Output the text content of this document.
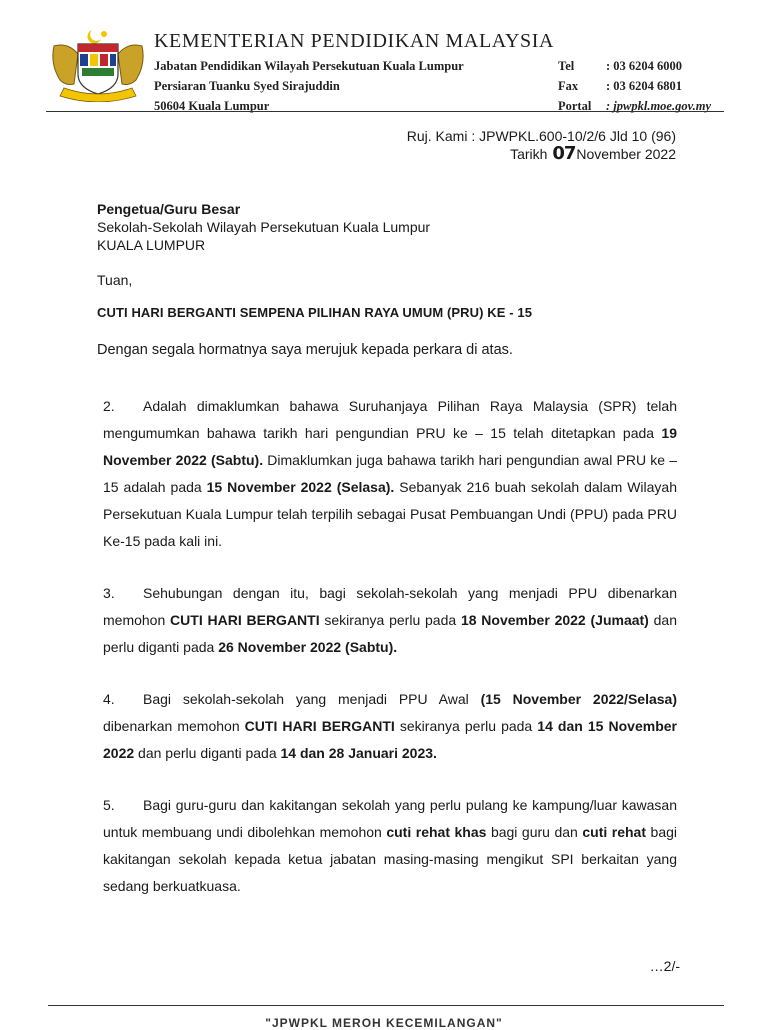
KEMENTERIAN PENDIDIKAN MALAYSIA
Jabatan Pendidikan Wilayah Persekutuan Kuala Lumpur
Persiaran Tuanku Syed Sirajuddin
50604 Kuala Lumpur
Tel	: 03 6204 6000
Fax	: 03 6204 6801
Portal	: jpwpkl.moe.gov.my
Ruj. Kami : JPWPKL.600-10/2/6 Jld 10 (96)
Tarikh 07November 2022
Pengetua/Guru Besar
Sekolah-Sekolah Wilayah Persekutuan Kuala Lumpur
KUALA LUMPUR
Tuan,
CUTI HARI BERGANTI SEMPENA PILIHAN RAYA UMUM (PRU) KE - 15
Dengan segala hormatnya saya merujuk kepada perkara di atas.
2. Adalah dimaklumkan bahawa Suruhanjaya Pilihan Raya Malaysia (SPR) telah mengumumkan bahawa tarikh hari pengundian PRU ke – 15 telah ditetapkan pada 19 November 2022 (Sabtu). Dimaklumkan juga bahawa tarikh hari pengundian awal PRU ke – 15 adalah pada 15 November 2022 (Selasa). Sebanyak 216 buah sekolah dalam Wilayah Persekutuan Kuala Lumpur telah terpilih sebagai Pusat Pembuangan Undi (PPU) pada PRU Ke-15 pada kali ini.
3. Sehubungan dengan itu, bagi sekolah-sekolah yang menjadi PPU dibenarkan memohon CUTI HARI BERGANTI sekiranya perlu pada 18 November 2022 (Jumaat) dan perlu diganti pada 26 November 2022 (Sabtu).
4. Bagi sekolah-sekolah yang menjadi PPU Awal (15 November 2022/Selasa) dibenarkan memohon CUTI HARI BERGANTI sekiranya perlu pada 14 dan 15 November 2022 dan perlu diganti pada 14 dan 28 Januari 2023.
5. Bagi guru-guru dan kakitangan sekolah yang perlu pulang ke kampung/luar kawasan untuk membuang undi dibolehkan memohon cuti rehat khas bagi guru dan cuti rehat bagi kakitangan sekolah kepada ketua jabatan masing-masing mengikut SPI berkaitan yang sedang berkuatkuasa.
…2/-
"JPWPKL MEROH KECEMILANGAN"
